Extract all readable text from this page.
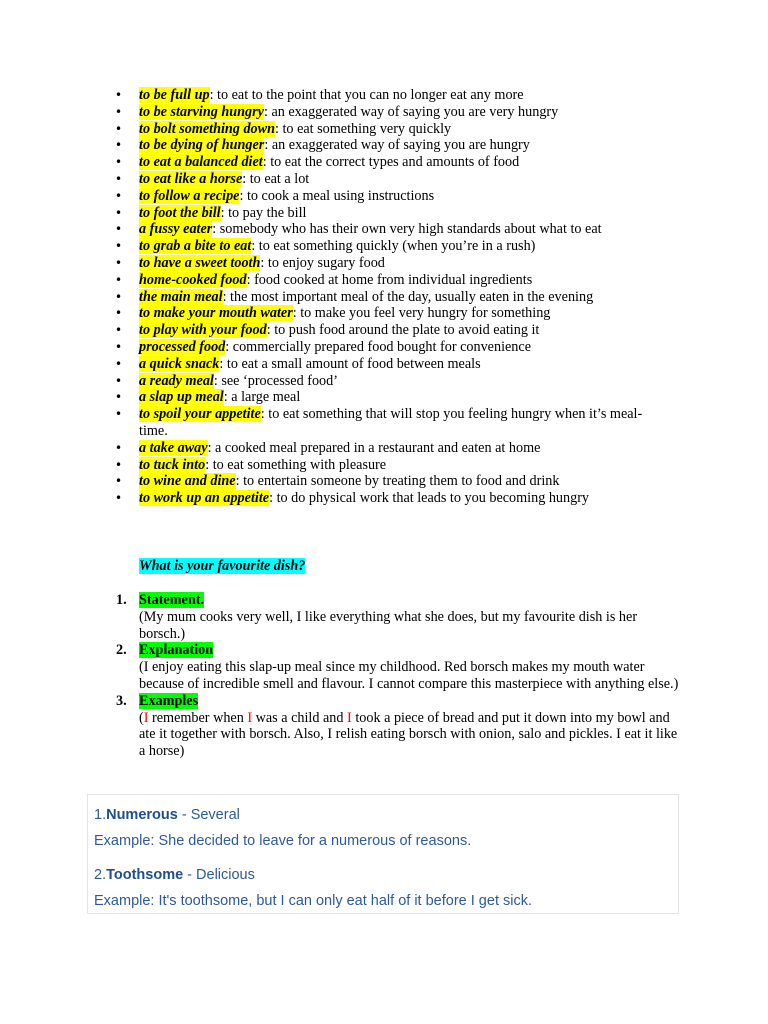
• to be full up: to eat to the point that you can no longer eat any more
• to be starving hungry: an exaggerated way of saying you are very hungry
• to bolt something down: to eat something very quickly
• to be dying of hunger: an exaggerated way of saying you are hungry
• to eat a balanced diet: to eat the correct types and amounts of food
• to eat like a horse: to eat a lot
• to follow a recipe: to cook a meal using instructions
• to foot the bill: to pay the bill
• a fussy eater: somebody who has their own very high standards about what to eat
• to grab a bite to eat: to eat something quickly (when you’re in a rush)
• to have a sweet tooth: to enjoy sugary food
• home-cooked food: food cooked at home from individual ingredients
• the main meal: the most important meal of the day, usually eaten in the evening
• to make your mouth water: to make you feel very hungry for something
• to play with your food: to push food around the plate to avoid eating it
• processed food: commercially prepared food bought for convenience
• a quick snack: to eat a small amount of food between meals
• a ready meal: see ‘processed food’
• a slap up meal: a large meal
• to spoil your appetite: to eat something that will stop you feeling hungry when it’s meal-time.
• a take away: a cooked meal prepared in a restaurant and eaten at home
• to tuck into: to eat something with pleasure
• to wine and dine: to entertain someone by treating them to food and drink
• to work up an appetite: to do physical work that leads to you becoming hungry

What is your favourite dish?

1. Statement.
(My mum cooks very well, I like everything what she does, but my favourite dish is her borsch.)
2. Explanation
(I enjoy eating this slap-up meal since my childhood. Red borsch makes my mouth water because of incredible smell and flavour. I cannot compare this masterpiece with anything else.)
3. Examples
(I remember when I was a child and I took a piece of bread and put it down into my bowl and ate it together with borsch. Also, I relish eating borsch with onion, salo and pickles. I eat it like a horse)

1.Numerous - Several

Example: She decided to leave for a numerous of reasons.

2.Toothsome - Delicious

Example: It's toothsome, but I can only eat half of it before I get sick.
